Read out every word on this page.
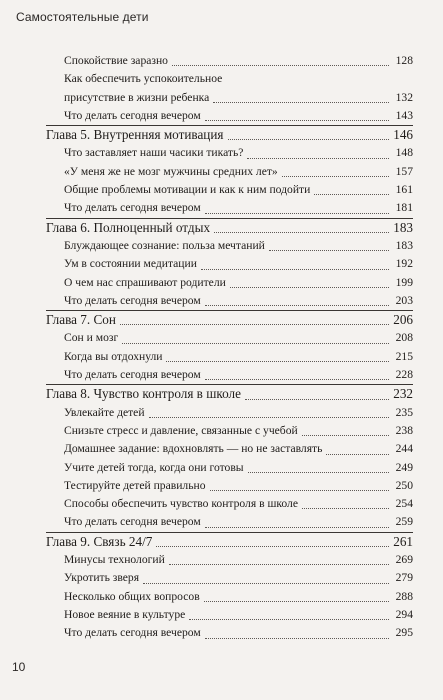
Самостоятельные дети
Спокойствие заразно	128
Как обеспечить успокоительное
присутствие в жизни ребенка	132
Что делать сегодня вечером	143
Глава 5. Внутренняя мотивация	146
Что заставляет наши часики тикать?	148
«У меня же не мозг мужчины средних лет»	157
Общие проблемы мотивации и как к ним подойти	161
Что делать сегодня вечером	181
Глава 6. Полноценный отдых	183
Блуждающее сознание: польза мечтаний	183
Ум в состоянии медитации	192
О чем нас спрашивают родители	199
Что делать сегодня вечером	203
Глава 7. Сон	206
Сон и мозг	208
Когда вы отдохнули	215
Что делать сегодня вечером	228
Глава 8. Чувство контроля в школе	232
Увлекайте детей	235
Снизьте стресс и давление, связанные с учебой	238
Домашнее задание: вдохновлять — но не заставлять	244
Учите детей тогда, когда они готовы	249
Тестируйте детей правильно	250
Способы обеспечить чувство контроля в школе	254
Что делать сегодня вечером	259
Глава 9. Связь 24/7	261
Минусы технологий	269
Укротить зверя	279
Несколько общих вопросов	288
Новое веяние в культуре	294
Что делать сегодня вечером	295
10
